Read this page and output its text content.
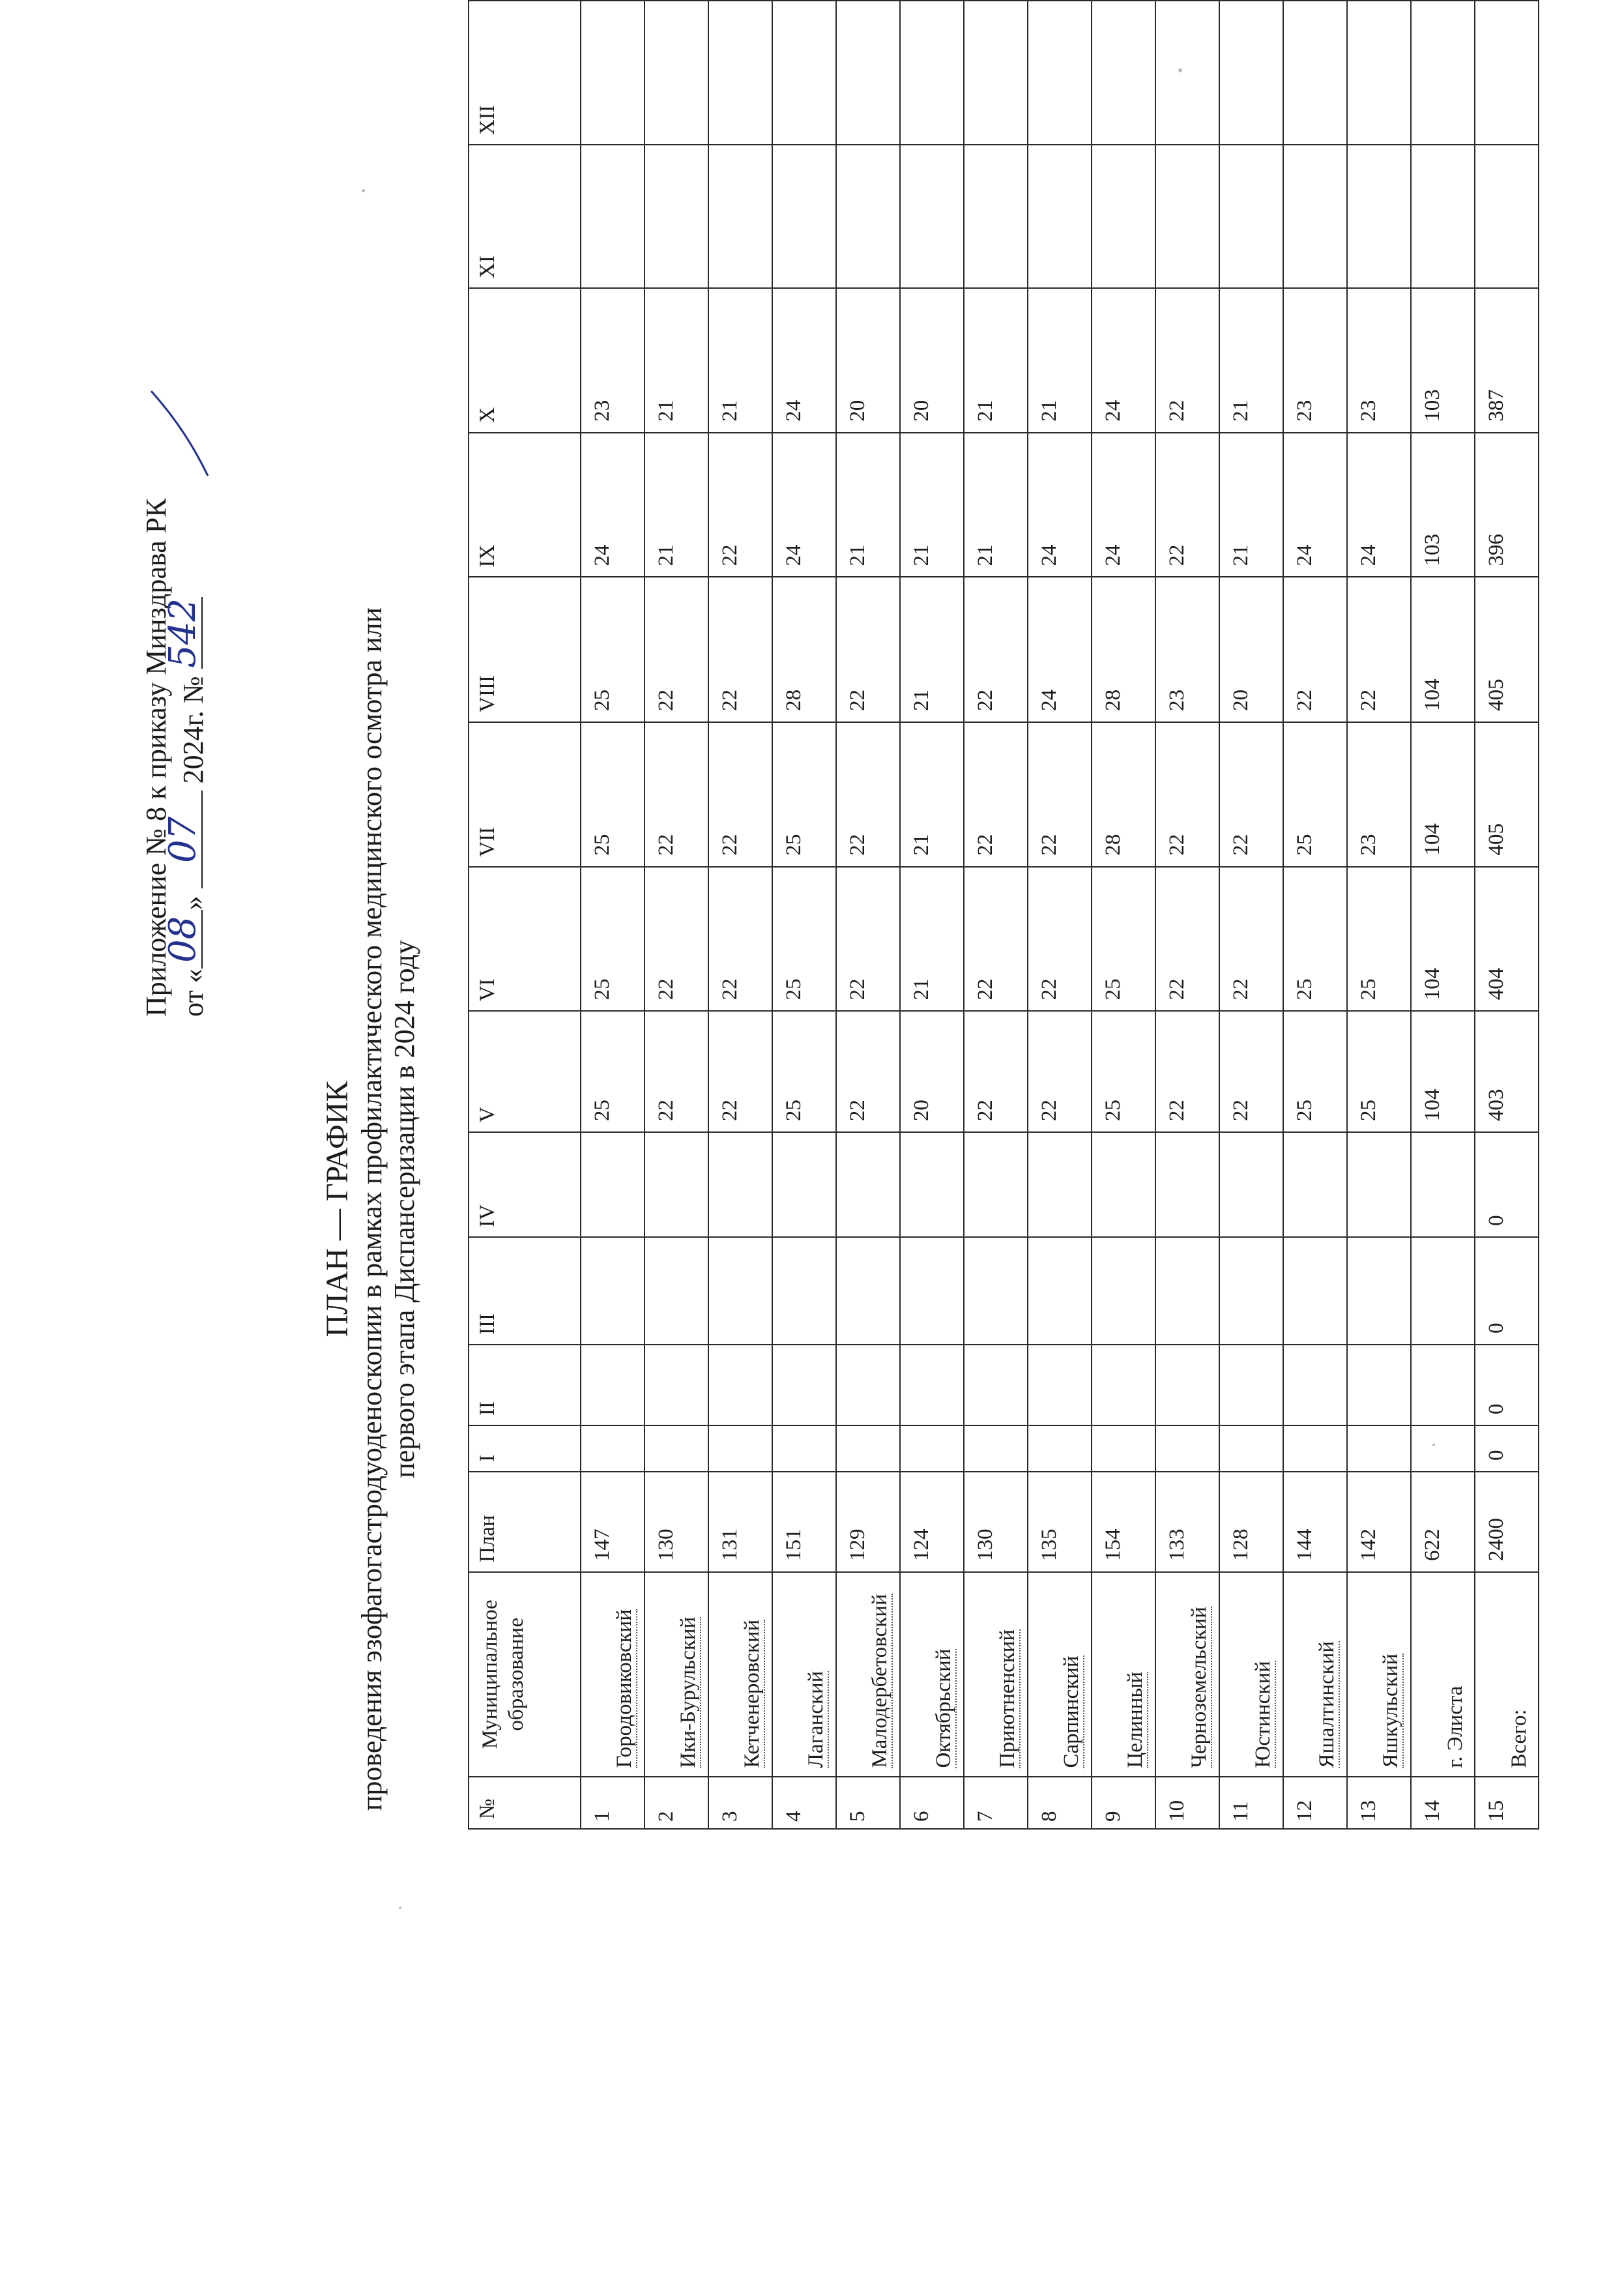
Приложение № 8 к приказу Минздрава РК от «
08
»
07
2024г. №
542
ПЛАН — ГРАФИК проведения эзофагогастродуоденоскопии в рамках профилактического медицинского осмотра или первого этапа Диспансеризации в 2024 году
№	Муниципальное образование	План	I	II	III	IV	V	VI	VII	VIII	IX	X	XI	XII
1	Городовиковский	147					25	25	25	25	24	23		
2	Ики-Бурульский	130					22	22	22	22	21	21		
3	Кетченеровский	131					22	22	22	22	22	21		
4	Лаганский	151					25	25	25	28	24	24		
5	Малодербетовский	129					22	22	22	22	21	20		
6	Октябрьский	124					20	21	21	21	21	20		
7	Приютненский	130					22	22	22	22	21	21		
8	Сарпинский	135					22	22	22	24	24	21		
9	Целинный	154					25	25	28	28	24	24		
10	Черноземельский	133					22	22	22	23	22	22		
11	Юстинский	128					22	22	22	20	21	21		
12	Яшалтинский	144					25	25	25	22	24	23		
13	Яшкульский	142					25	25	23	22	24	23		
14	г. Элиста	622					104	104	104	104	103	103		
15	Всего:	2400	0	0	0	0	403	404	405	405	396	387		
